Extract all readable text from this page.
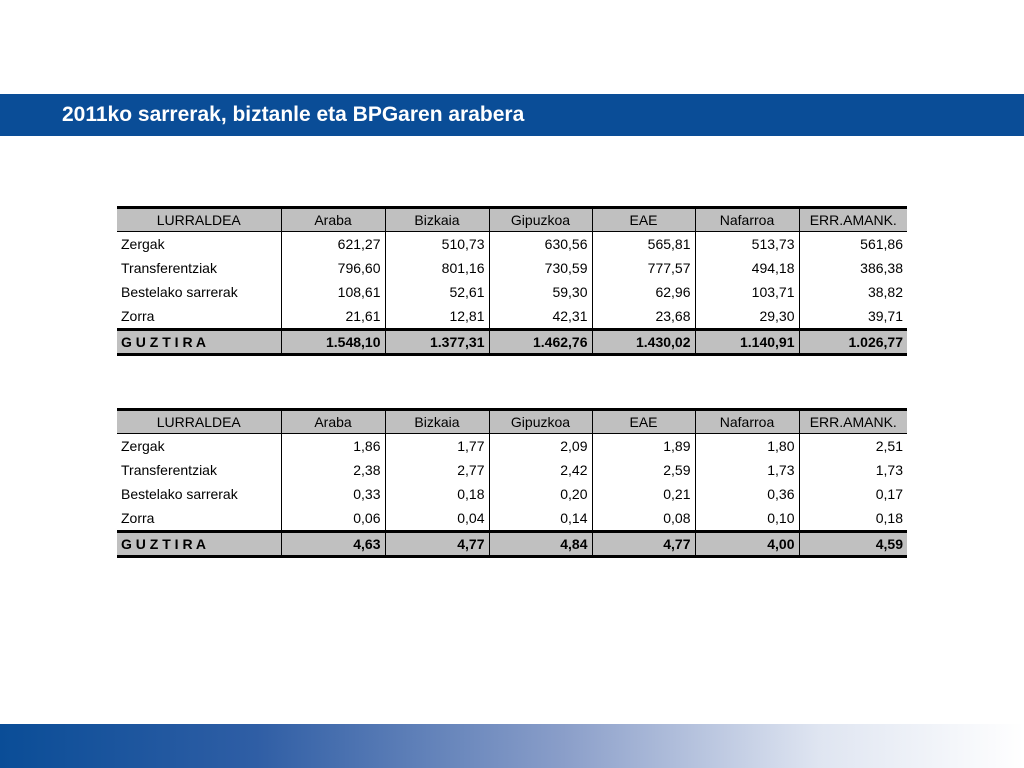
2011ko sarrerak, biztanle eta BPGaren arabera
LURRALDEA	Araba	Bizkaia	Gipuzkoa	EAE	Nafarroa	ERR.AMANK.
Zergak	621,27	510,73	630,56	565,81	513,73	561,86
Transferentziak	796,60	801,16	730,59	777,57	494,18	386,38
Bestelako sarrerak	108,61	52,61	59,30	62,96	103,71	38,82
Zorra	21,61	12,81	42,31	23,68	29,30	39,71
G U Z T I R A	1.548,10	1.377,31	1.462,76	1.430,02	1.140,91	1.026,77
LURRALDEA	Araba	Bizkaia	Gipuzkoa	EAE	Nafarroa	ERR.AMANK.
Zergak	1,86	1,77	2,09	1,89	1,80	2,51
Transferentziak	2,38	2,77	2,42	2,59	1,73	1,73
Bestelako sarrerak	0,33	0,18	0,20	0,21	0,36	0,17
Zorra	0,06	0,04	0,14	0,08	0,10	0,18
G U Z T I R A	4,63	4,77	4,84	4,77	4,00	4,59
